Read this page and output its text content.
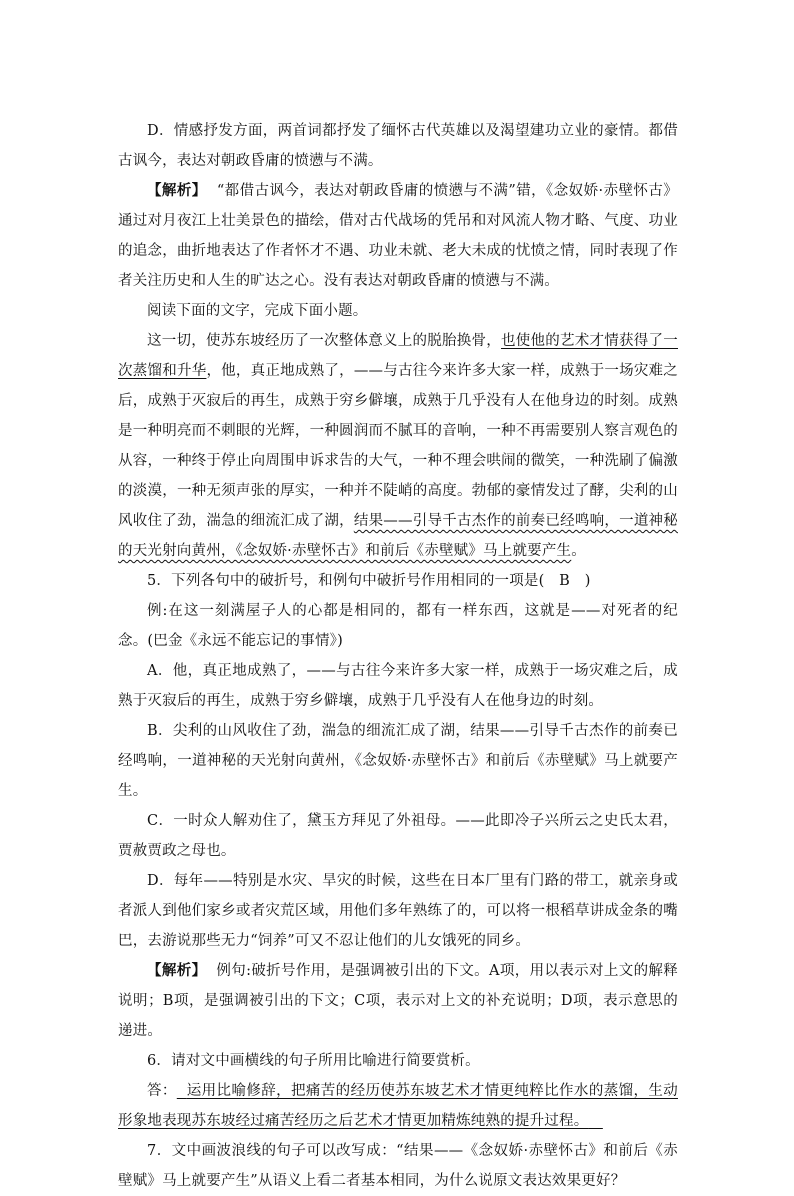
D．情感抒发方面，两首词都抒发了缅怀古代英雄以及渴望建功立业的豪情。都借古讽今，表达对朝政昏庸的愤懑与不满。

【解析】 “都借古讽今，表达对朝政昏庸的愤懑与不满”错，《念奴娇·赤壁怀古》通过对月夜江上壮美景色的描绘，借对古代战场的凭吊和对风流人物才略、气度、功业的追念，曲折地表达了作者怀才不遇、功业未就、老大未成的忧愤之情，同时表现了作者关注历史和人生的旷达之心。没有表达对朝政昏庸的愤懑与不满。

阅读下面的文字，完成下面小题。

这一切，使苏东坡经历了一次整体意义上的脱胎换骨，也使他的艺术才情获得了一次蒸馏和升华，他，真正地成熟了，——与古往今来许多大家一样，成熟于一场灾难之后，成熟于灭寂后的再生，成熟于穷乡僻壤，成熟于几乎没有人在他身边的时刻。成熟是一种明亮而不刺眼的光辉，一种圆润而不腻耳的音响，一种不再需要别人察言观色的从容，一种终于停止向周围申诉求告的大气，一种不理会哄闹的微笑，一种洗刷了偏激的淡漠，一种无须声张的厚实，一种并不陡峭的高度。勃郁的豪情发过了酵，尖利的山风收住了劲，湍急的细流汇成了湖，结果——引导千古杰作的前奏已经鸣响，一道神秘的天光射向黄州，《念奴娇·赤壁怀古》和前后《赤壁赋》马上就要产生。

5．下列各句中的破折号，和例句中破折号作用相同的一项是(　B　)

例:在这一刻满屋子人的心都是相同的，都有一样东西，这就是——对死者的纪念。(巴金《永远不能忘记的事情》)

A．他，真正地成熟了，——与古往今来许多大家一样，成熟于一场灾难之后，成熟于灭寂后的再生，成熟于穷乡僻壤，成熟于几乎没有人在他身边的时刻。

B．尖利的山风收住了劲，湍急的细流汇成了湖，结果——引导千古杰作的前奏已经鸣响，一道神秘的天光射向黄州，《念奴娇·赤壁怀古》和前后《赤壁赋》马上就要产生。

C．一时众人解劝住了，黛玉方拜见了外祖母。——此即冷子兴所云之史氏太君，贾赦贾政之母也。

D．每年——特别是水灾、旱灾的时候，这些在日本厂里有门路的带工，就亲身或者派人到他们家乡或者灾荒区域，用他们多年熟练了的，可以将一根稻草讲成金条的嘴巴，去游说那些无力“饲养”可又不忍让他们的儿女饿死的同乡。

【解析】 例句:破折号作用，是强调被引出的下文。A项，用以表示对上文的解释说明；B项，是强调被引出的下文；C项，表示对上文的补充说明；D项，表示意思的递进。

6．请对文中画横线的句子所用比喻进行简要赏析。

答： 运用比喻修辞，把痛苦的经历使苏东坡艺术才情更纯粹比作水的蒸馏，生动形象地表现苏东坡经过痛苦经历之后艺术才情更加精炼纯熟的提升过程。

7．文中画波浪线的句子可以改写成：“结果——《念奴娇·赤壁怀古》和前后《赤壁赋》马上就要产生”从语义上看二者基本相同，为什么说原文表达效果更好？
